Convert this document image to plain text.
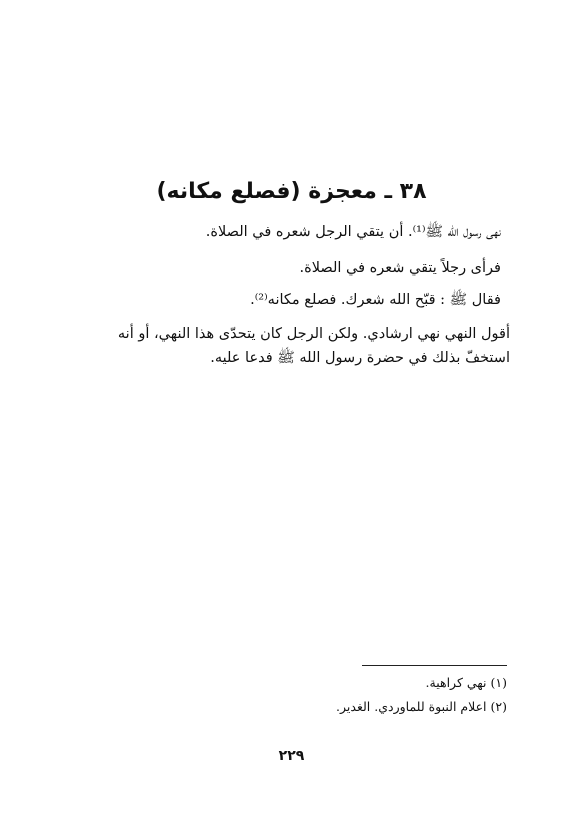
٣٨ ـ معجزة (فصلع مكانه)
نهى رسول الله ﷺ⁽¹⁾. أن يتقي الرجل شعره في الصلاة.
فرأى رجلاً يتقي شعره في الصلاة.
فقال ﷺ : قبّح الله شعرك. فصلع مكانه⁽²⁾.
أقول النهي نهي ارشادي. ولكن الرجل كان يتحدّى هذا النهي، أو أنه
استخفّ بذلك في حضرة رسول الله ﷺ فدعا عليه.
(١) نهي كراهية.
(٢) اعلام النبوة للماوردي. الغدير.
٢٢٩
